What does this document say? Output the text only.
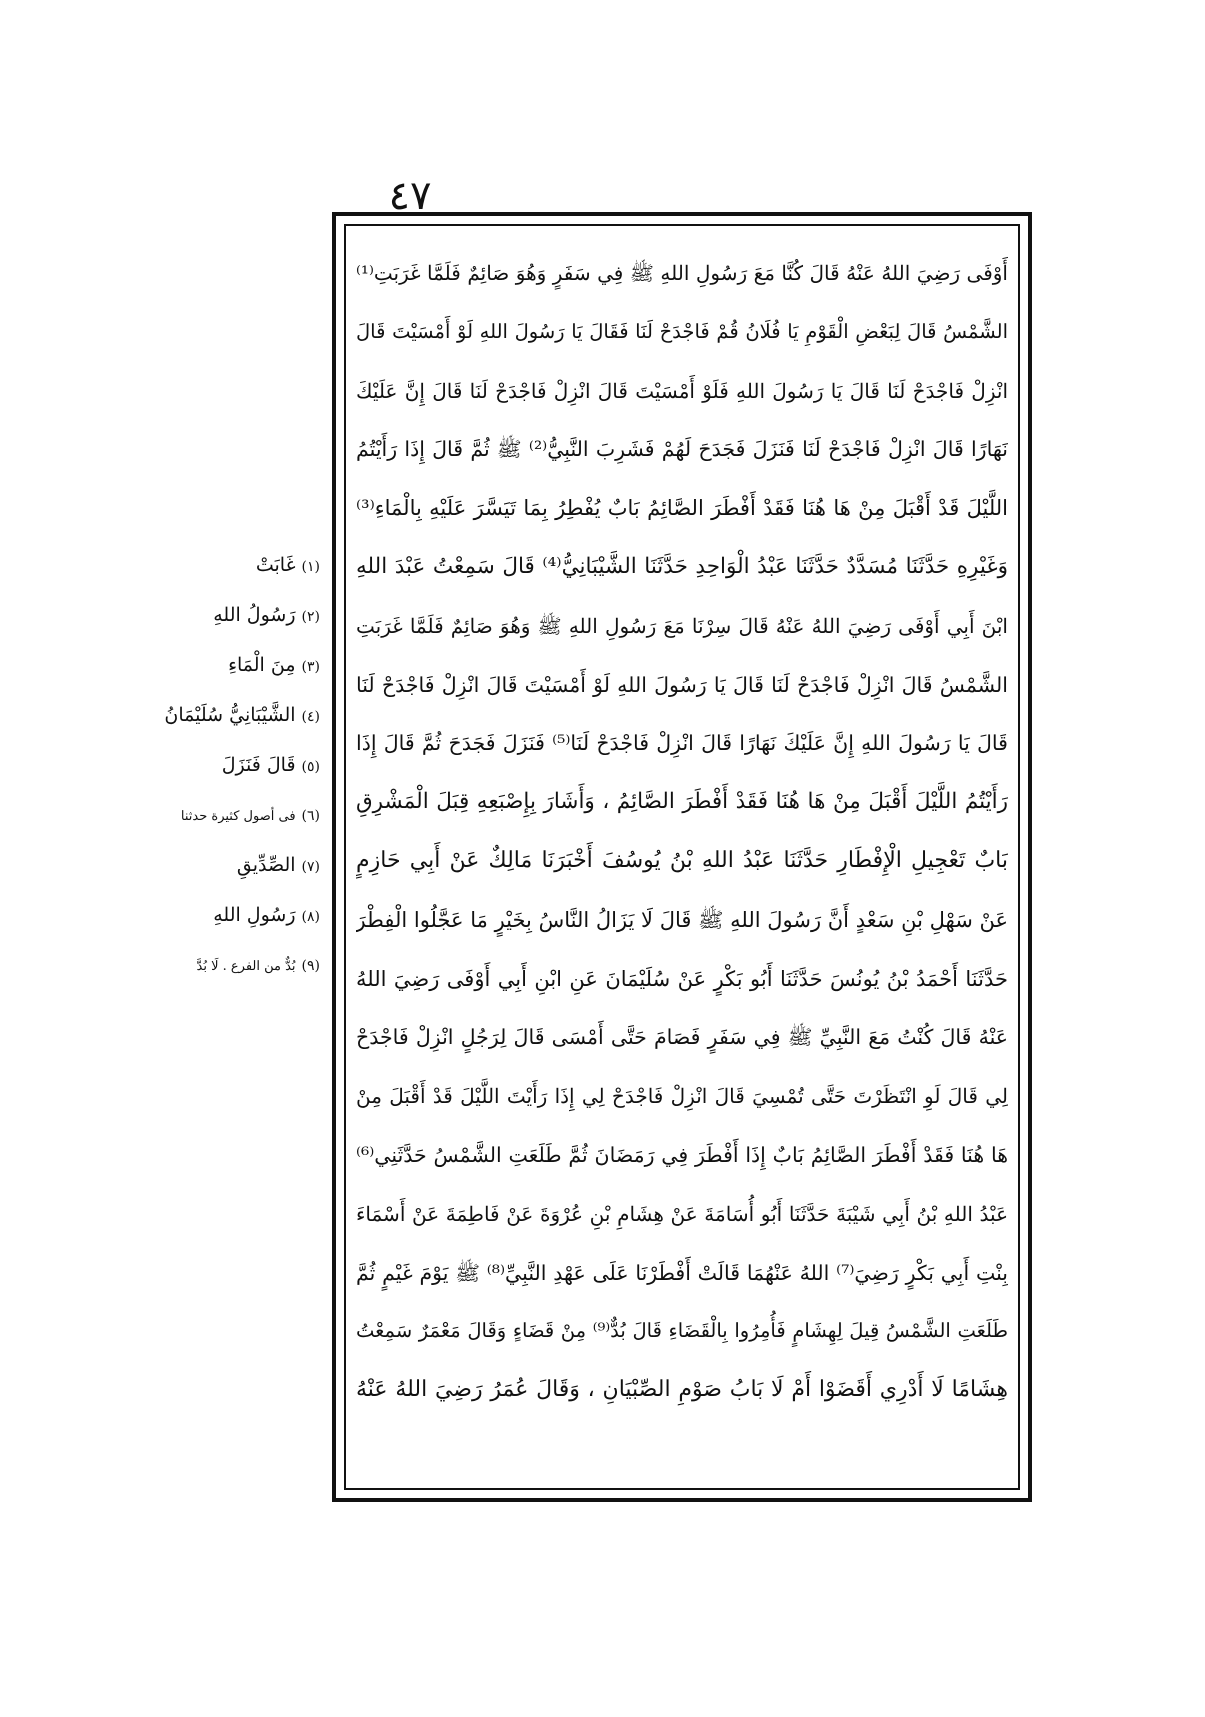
٤٧
أَوْفَى رَضِيَ اللهُ عَنْهُ قَالَ كُنَّا مَعَ رَسُولِ اللهِ ﷺ فِي سَفَرٍ وَهُوَ صَائِمٌ فَلَمَّا غَرَبَتِ⁽¹⁾
الشَّمْسُ قَالَ لِبَعْضِ الْقَوْمِ يَا فُلَانُ قُمْ فَاجْدَحْ لَنَا فَقَالَ يَا رَسُولَ اللهِ لَوْ أَمْسَيْتَ قَالَ
انْزِلْ فَاجْدَحْ لَنَا قَالَ يَا رَسُولَ اللهِ فَلَوْ أَمْسَيْتَ قَالَ انْزِلْ فَاجْدَحْ لَنَا قَالَ إِنَّ عَلَيْكَ
نَهَارًا قَالَ انْزِلْ فَاجْدَحْ لَنَا فَنَزَلَ فَجَدَحَ لَهُمْ فَشَرِبَ النَّبِيُّ⁽²⁾ ﷺ ثُمَّ قَالَ إِذَا رَأَيْتُمُ
اللَّيْلَ قَدْ أَقْبَلَ مِنْ هَا هُنَا فَقَدْ أَفْطَرَ الصَّائِمُ بَابٌ يُفْطِرُ بِمَا تَيَسَّرَ عَلَيْهِ بِالْمَاءِ⁽³⁾
وَغَيْرِهِ حَدَّثَنَا مُسَدَّدٌ حَدَّثَنَا عَبْدُ الْوَاحِدِ حَدَّثَنَا الشَّيْبَانِيُّ⁽⁴⁾ قَالَ سَمِعْتُ عَبْدَ اللهِ
ابْنَ أَبِي أَوْفَى رَضِيَ اللهُ عَنْهُ قَالَ سِرْنَا مَعَ رَسُولِ اللهِ ﷺ وَهُوَ صَائِمٌ فَلَمَّا غَرَبَتِ
الشَّمْسُ قَالَ انْزِلْ فَاجْدَحْ لَنَا قَالَ يَا رَسُولَ اللهِ لَوْ أَمْسَيْتَ قَالَ انْزِلْ فَاجْدَحْ لَنَا
قَالَ يَا رَسُولَ اللهِ إِنَّ عَلَيْكَ نَهَارًا قَالَ انْزِلْ فَاجْدَحْ لَنَا⁽⁵⁾ فَنَزَلَ فَجَدَحَ ثُمَّ قَالَ إِذَا
رَأَيْتُمُ اللَّيْلَ أَقْبَلَ مِنْ هَا هُنَا فَقَدْ أَفْطَرَ الصَّائِمُ ، وَأَشَارَ بِإِصْبَعِهِ قِبَلَ الْمَشْرِقِ
بَابٌ تَعْجِيلِ الْإِفْطَارِ حَدَّثَنَا عَبْدُ اللهِ بْنُ يُوسُفَ أَخْبَرَنَا مَالِكٌ عَنْ أَبِي حَازِمٍ
عَنْ سَهْلِ بْنِ سَعْدٍ أَنَّ رَسُولَ اللهِ ﷺ قَالَ لَا يَزَالُ النَّاسُ بِخَيْرٍ مَا عَجَّلُوا الْفِطْرَ
حَدَّثَنَا أَحْمَدُ بْنُ يُونُسَ حَدَّثَنَا أَبُو بَكْرٍ عَنْ سُلَيْمَانَ عَنِ ابْنِ أَبِي أَوْفَى رَضِيَ اللهُ
عَنْهُ قَالَ كُنْتُ مَعَ النَّبِيِّ ﷺ فِي سَفَرٍ فَصَامَ حَتَّى أَمْسَى قَالَ لِرَجُلٍ انْزِلْ فَاجْدَحْ
لِي قَالَ لَوِ انْتَظَرْتَ حَتَّى تُمْسِيَ قَالَ انْزِلْ فَاجْدَحْ لِي إِذَا رَأَيْتَ اللَّيْلَ قَدْ أَقْبَلَ مِنْ
هَا هُنَا فَقَدْ أَفْطَرَ الصَّائِمُ بَابٌ إِذَا أَفْطَرَ فِي رَمَضَانَ ثُمَّ طَلَعَتِ الشَّمْسُ حَدَّثَنِي⁽⁶⁾
عَبْدُ اللهِ بْنُ أَبِي شَيْبَةَ حَدَّثَنَا أَبُو أُسَامَةَ عَنْ هِشَامِ بْنِ عُرْوَةَ عَنْ فَاطِمَةَ عَنْ أَسْمَاءَ
بِنْتِ أَبِي بَكْرٍ رَضِيَ⁽⁷⁾ اللهُ عَنْهُمَا قَالَتْ أَفْطَرْنَا عَلَى عَهْدِ النَّبِيِّ⁽⁸⁾ ﷺ يَوْمَ غَيْمٍ ثُمَّ
طَلَعَتِ الشَّمْسُ قِيلَ لِهِشَامٍ فَأُمِرُوا بِالْقَضَاءِ قَالَ بُدٌّ⁽⁹⁾ مِنْ قَضَاءٍ وَقَالَ مَعْمَرٌ سَمِعْتُ
هِشَامًا لَا أَدْرِي أَقَضَوْا أَمْ لَا بَابُ صَوْمِ الصِّبْيَانِ ، وَقَالَ عُمَرُ رَضِيَ اللهُ عَنْهُ
(١)غَابَتْ
(٢)رَسُولُ اللهِ
(٣)مِنَ الْمَاءِ
(٤)الشَّيْبَانِيُّ سُلَيْمَانُ
(٥)قَالَ فَنَزَلَ
(٦)فى أصول كثيرة حدثنا
(٧)الصِّدِّيقِ
(٨)رَسُولِ اللهِ
(٩)بُدٌّ من الفرع . لَا بُدَّ
